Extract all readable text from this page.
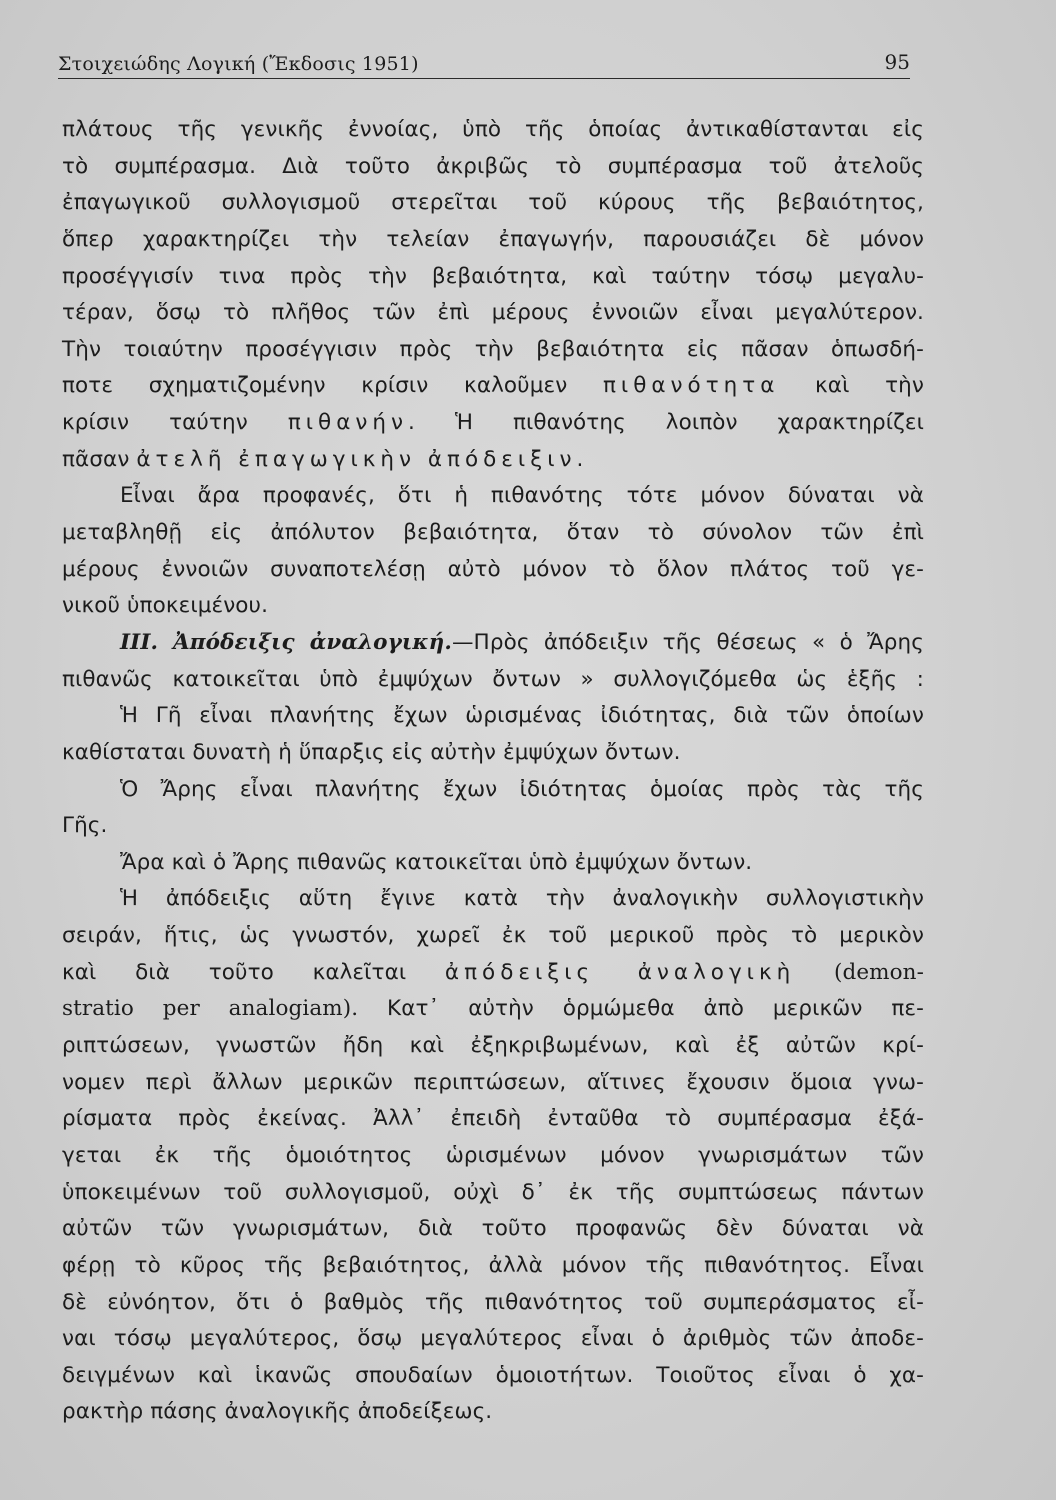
Στοιχειώδης Λογική (Ἔκδοσις 1951)	95
πλάτους τῆς γενικῆς ἐννοίας, ὑπὸ τῆς ὁποίας ἀντικαθίστανται εἰς
τὸ συμπέρασμα. Διὰ τοῦτο ἀκριβῶς τὸ συμπέρασμα τοῦ ἀτελοῦς
ἐπαγωγικοῦ συλλογισμοῦ στερεῖται τοῦ κύρους τῆς βεβαιότητος,
ὅπερ χαρακτηρίζει τὴν τελείαν ἐπαγωγήν, παρουσιάζει δὲ μόνον
προσέγγισίν τινα πρὸς τὴν βεβαιότητα, καὶ ταύτην τόσῳ μεγαλυ-
τέραν, ὅσῳ τὸ πλῆθος τῶν ἐπὶ μέρους ἐννοιῶν εἶναι μεγαλύτερον.
Τὴν τοιαύτην προσέγγισιν πρὸς τὴν βεβαιότητα εἰς πᾶσαν ὁπωσδή-
ποτε σχηματιζομένην κρίσιν καλοῦμεν πιθανότητα καὶ τὴν
κρίσιν ταύτην πιθανήν. Ἡ πιθανότης λοιπὸν χαρακτηρίζει
πᾶσαν ἀτελῆ ἐπαγωγικὴν ἀπόδειξιν.
Εἶναι ἄρα προφανές, ὅτι ἡ πιθανότης τότε μόνον δύναται νὰ
μεταβληθῇ εἰς ἀπόλυτον βεβαιότητα, ὅταν τὸ σύνολον τῶν ἐπὶ
μέρους ἐννοιῶν συναποτελέσῃ αὐτὸ μόνον τὸ ὅλον πλάτος τοῦ γε-
νικοῦ ὑποκειμένου.
ΙΙΙ. Ἀπόδειξις ἀναλογική.—Πρὸς ἀπόδειξιν τῆς θέσεως « ὁ Ἄρης
πιθανῶς κατοικεῖται ὑπὸ ἐμψύχων ὄντων » συλλογιζόμεθα ὡς ἑξῆς :
Ἡ Γῆ εἶναι πλανήτης ἔχων ὡρισμένας ἰδιότητας, διὰ τῶν ὁποίων
καθίσταται δυνατὴ ἡ ὕπαρξις εἰς αὐτὴν ἐμψύχων ὄντων.
Ὁ Ἄρης εἶναι πλανήτης ἔχων ἰδιότητας ὁμοίας πρὸς τὰς τῆς
Γῆς.
Ἄρα καὶ ὁ Ἄρης πιθανῶς κατοικεῖται ὑπὸ ἐμψύχων ὄντων.
Ἡ ἀπόδειξις αὕτη ἔγινε κατὰ τὴν ἀναλογικὴν συλλογιστικὴν
σειράν, ἥτις, ὡς γνωστόν, χωρεῖ ἐκ τοῦ μερικοῦ πρὸς τὸ μερικὸν
καὶ διὰ τοῦτο καλεῖται ἀπόδειξις ἀναλογικὴ (demon-
stratio per analogiam). Κατ᾽ αὐτὴν ὁρμώμεθα ἀπὸ μερικῶν πε-
ριπτώσεων, γνωστῶν ἤδη καὶ ἐξηκριβωμένων, καὶ ἐξ αὐτῶν κρί-
νομεν περὶ ἄλλων μερικῶν περιπτώσεων, αἵτινες ἔχουσιν ὅμοια γνω-
ρίσματα πρὸς ἐκείνας. Ἀλλ᾽ ἐπειδὴ ἐνταῦθα τὸ συμπέρασμα ἐξά-
γεται ἐκ τῆς ὁμοιότητος ὡρισμένων μόνον γνωρισμάτων τῶν
ὑποκειμένων τοῦ συλλογισμοῦ, οὐχὶ δ᾽ ἐκ τῆς συμπτώσεως πάντων
αὐτῶν τῶν γνωρισμάτων, διὰ τοῦτο προφανῶς δὲν δύναται νὰ
φέρῃ τὸ κῦρος τῆς βεβαιότητος, ἀλλὰ μόνον τῆς πιθανότητος. Εἶναι
δὲ εὐνόητον, ὅτι ὁ βαθμὸς τῆς πιθανότητος τοῦ συμπεράσματος εἶ-
ναι τόσῳ μεγαλύτερος, ὅσῳ μεγαλύτερος εἶναι ὁ ἀριθμὸς τῶν ἀποδε-
δειγμένων καὶ ἱκανῶς σπουδαίων ὁμοιοτήτων. Τοιοῦτος εἶναι ὁ χα-
ρακτὴρ πάσης ἀναλογικῆς ἀποδείξεως.
